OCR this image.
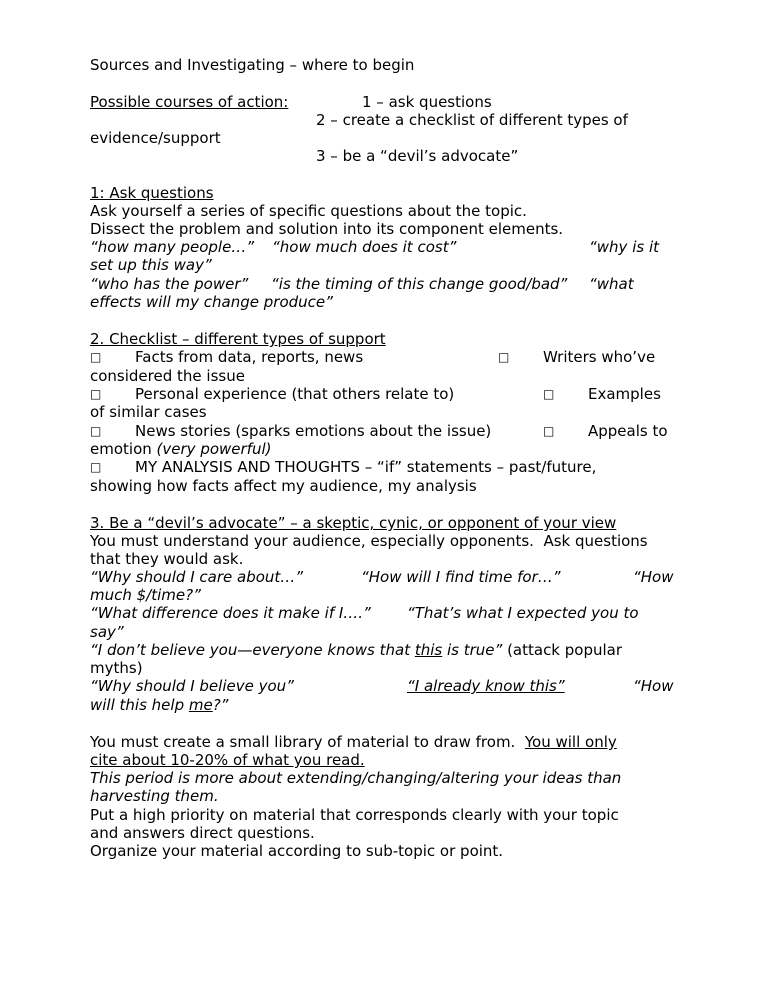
Sources and Investigating – where to begin
Possible courses of action:	1 – ask questions
2 – create a checklist of different types of
evidence/support
3 – be a “devil’s advocate”
1: Ask questions
Ask yourself a series of specific questions about the topic.
Dissect the problem and solution into its component elements.
“how many people…” “how much does it cost”	“why is it
set up this way”
“who has the power” “is the timing of this change good/bad” “what
effects will my change produce”
2. Checklist – different types of support
□ Facts from data, reports, news	□ Writers who’ve
considered the issue
□ Personal experience (that others relate to)	□ Examples
of similar cases
□ News stories (sparks emotions about the issue)	□ Appeals to
emotion (very powerful)
□ MY ANALYSIS AND THOUGHTS – “if” statements – past/future,
showing how facts affect my audience, my analysis
3. Be a “devil’s advocate” – a skeptic, cynic, or opponent of your view
You must understand your audience, especially opponents.  Ask questions
that they would ask.
“Why should I care about…”	“How will I find time for…”	“How
much $/time?”
“What difference does it make if I….” “That’s what I expected you to
say”
“I don’t believe you—everyone knows that this is true” (attack popular
myths)
“Why should I believe you”	“I already know this”	“How
will this help me?”
You must create a small library of material to draw from.  You will only
cite about 10-20% of what you read.
This period is more about extending/changing/altering your ideas than
harvesting them.
Put a high priority on material that corresponds clearly with your topic
and answers direct questions.
Organize your material according to sub-topic or point.
